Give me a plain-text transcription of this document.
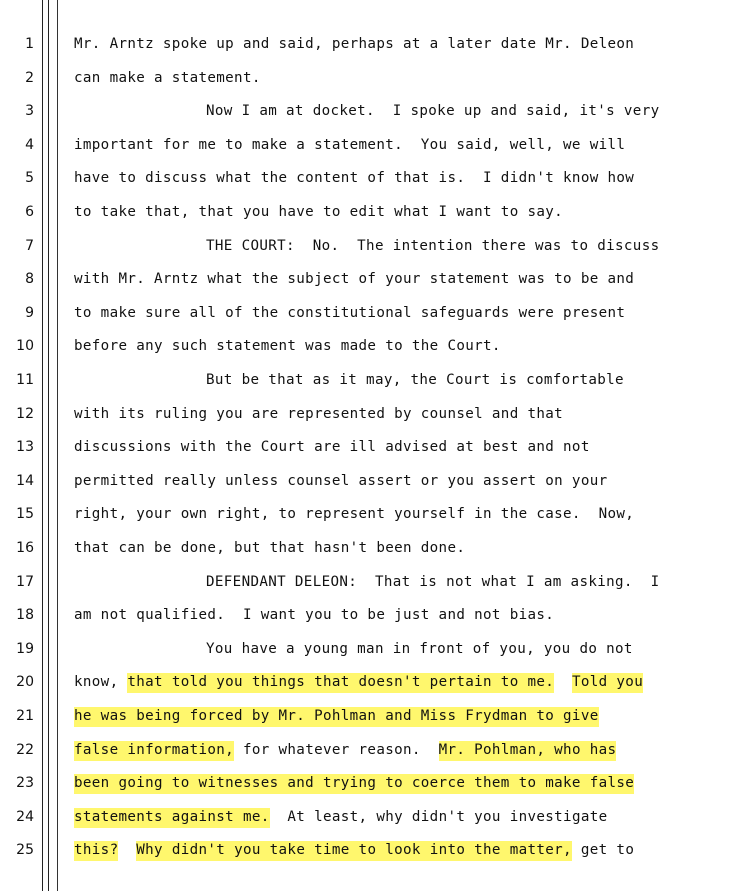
1	Mr. Arntz spoke up and said, perhaps at a later date Mr. Deleon
2	can make a statement.
3	Now I am at docket.  I spoke up and said, it's very
4	important for me to make a statement.  You said, well, we will
5	have to discuss what the content of that is.  I didn't know how
6	to take that, that you have to edit what I want to say.
7	THE COURT:  No.  The intention there was to discuss
8	with Mr. Arntz what the subject of your statement was to be and
9	to make sure all of the constitutional safeguards were present
10	before any such statement was made to the Court.
11	But be that as it may, the Court is comfortable
12	with its ruling you are represented by counsel and that
13	discussions with the Court are ill advised at best and not
14	permitted really unless counsel assert or you assert on your
15	right, your own right, to represent yourself in the case.  Now,
16	that can be done, but that hasn't been done.
17	DEFENDANT DELEON:  That is not what I am asking.  I
18	am not qualified.  I want you to be just and not bias.
19	You have a young man in front of you, you do not
20	know, that told you things that doesn't pertain to me. Told you
21	he was being forced by Mr. Pohlman and Miss Frydman to give
22	false information, for whatever reason.  Mr. Pohlman, who has
23	been going to witnesses and trying to coerce them to make false
24	statements against me.  At least, why didn't you investigate
25	this? Why didn't you take time to look into the matter, get to
